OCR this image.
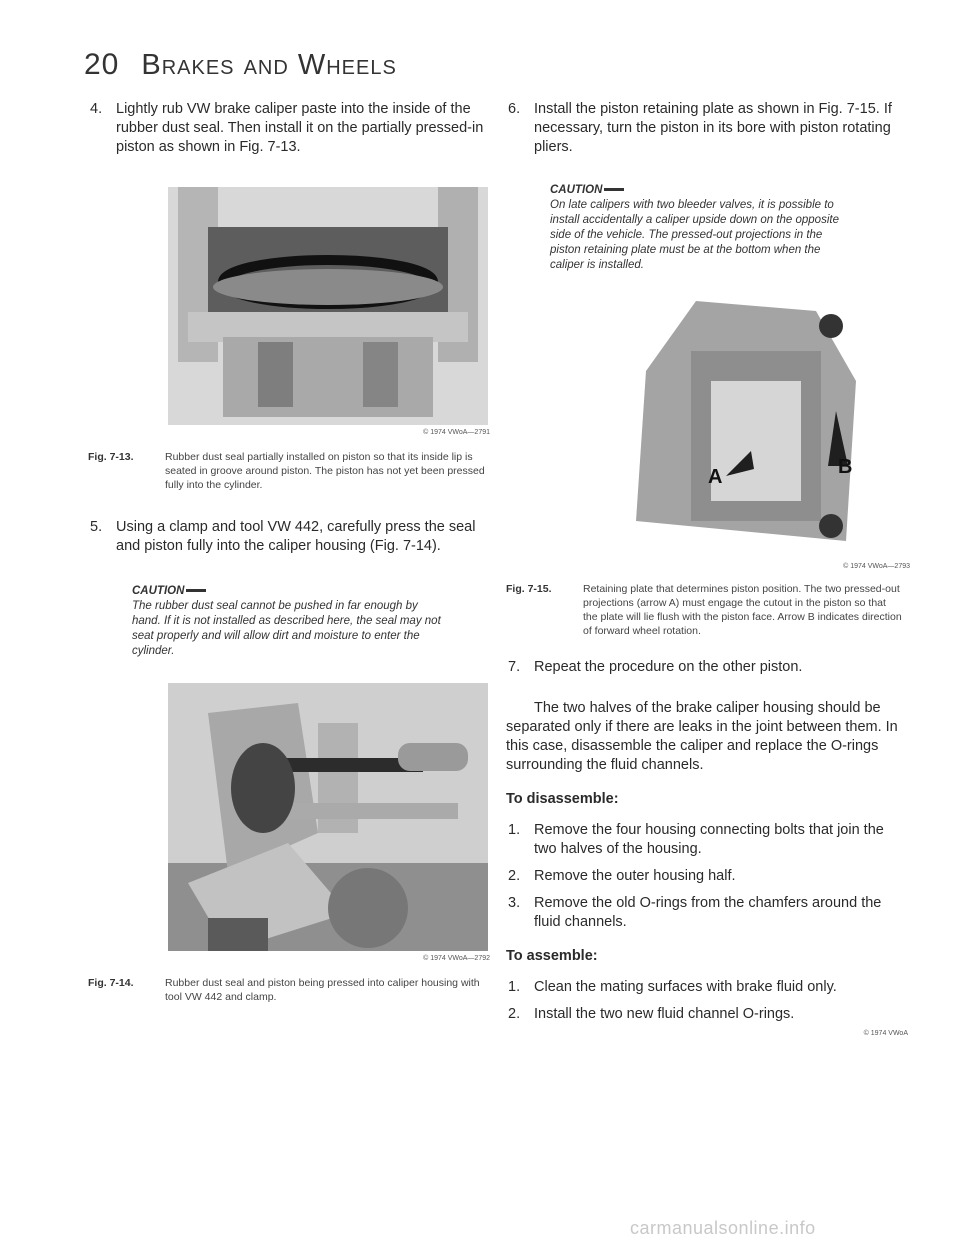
20 Brakes and Wheels

4. Lightly rub VW brake caliper paste into the inside of the rubber dust seal. Then install it on the partially pressed-in piston as shown in Fig. 7-13.

© 1974 VWoA—2791
Fig. 7-13.	Rubber dust seal partially installed on piston so that its inside lip is seated in groove around piston. The piston has not yet been pressed fully into the cylinder.

5. Using a clamp and tool VW 442, carefully press the seal and piston fully into the caliper housing (Fig. 7-14).

CAUTION
The rubber dust seal cannot be pushed in far enough by hand. If it is not installed as described here, the seal may not seat properly and will allow dirt and moisture to enter the cylinder.
© 1974 VWoA—2792
Fig. 7-14.	Rubber dust seal and piston being pressed into caliper housing with tool VW 442 and clamp.

6. Install the piston retaining plate as shown in Fig. 7-15. If necessary, turn the piston in its bore with piston rotating pliers.

CAUTION
On late calipers with two bleeder valves, it is possible to install accidentally a caliper upside down on the opposite side of the vehicle. The pressed-out projections in the piston retaining plate must be at the bottom when the caliper is installed.
A	B
© 1974 VWoA—2793
Fig. 7-15.	Retaining plate that determines piston position. The two pressed-out projections (arrow A) must engage the cutout in the piston so that the plate will lie flush with the piston face. Arrow B indicates direction of forward wheel rotation.

7. Repeat the procedure on the other piston.

The two halves of the brake caliper housing should be separated only if there are leaks in the joint between them. In this case, disassemble the caliper and replace the O-rings surrounding the fluid channels.

To disassemble:

1. Remove the four housing connecting bolts that join the two halves of the housing.

2. Remove the outer housing half.

3. Remove the old O-rings from the chamfers around the fluid channels.

To assemble:

1. Clean the mating surfaces with brake fluid only.

2. Install the two new fluid channel O-rings.

© 1974 VWoA
carmanualsonline.info
